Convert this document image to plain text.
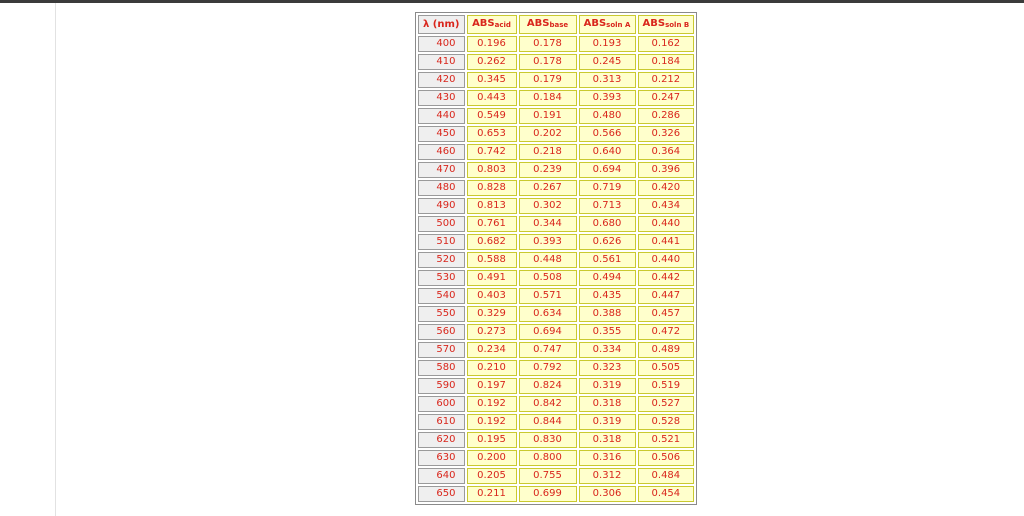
λ (nm)	$ABS_{acid}$	$ABS_{base}$	$ABS_{soln A}$	$ABS_{soln B}$
400	0.196	0.178	0.193	0.162
410	0.262	0.178	0.245	0.184
420	0.345	0.179	0.313	0.212
430	0.443	0.184	0.393	0.247
440	0.549	0.191	0.480	0.286
450	0.653	0.202	0.566	0.326
460	0.742	0.218	0.640	0.364
470	0.803	0.239	0.694	0.396
480	0.828	0.267	0.719	0.420
490	0.813	0.302	0.713	0.434
500	0.761	0.344	0.680	0.440
510	0.682	0.393	0.626	0.441
520	0.588	0.448	0.561	0.440
530	0.491	0.508	0.494	0.442
540	0.403	0.571	0.435	0.447
550	0.329	0.634	0.388	0.457
560	0.273	0.694	0.355	0.472
570	0.234	0.747	0.334	0.489
580	0.210	0.792	0.323	0.505
590	0.197	0.824	0.319	0.519
600	0.192	0.842	0.318	0.527
610	0.192	0.844	0.319	0.528
620	0.195	0.830	0.318	0.521
630	0.200	0.800	0.316	0.506
640	0.205	0.755	0.312	0.484
650	0.211	0.699	0.306	0.454
